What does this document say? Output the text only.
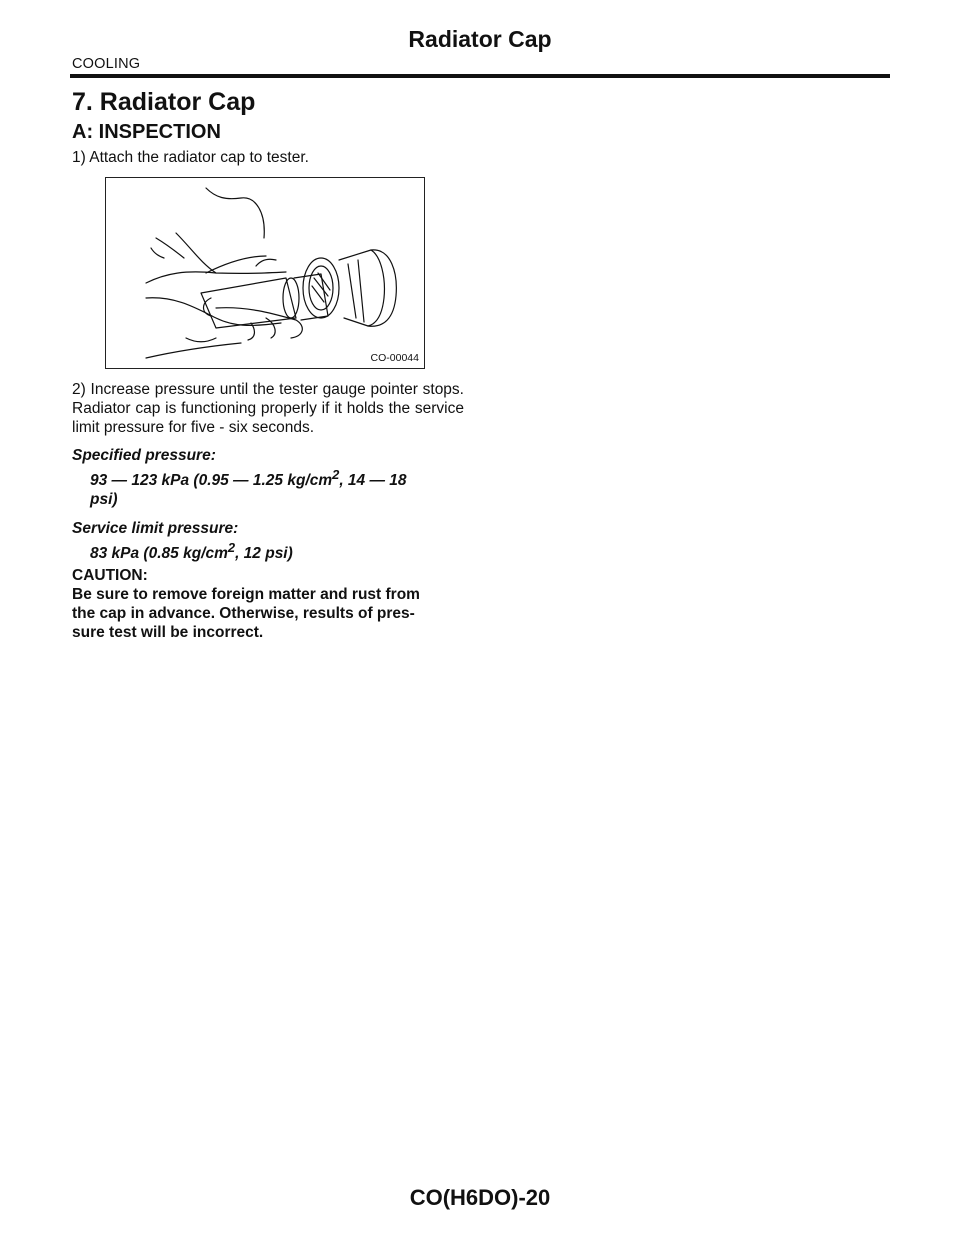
Radiator Cap
COOLING
7. Radiator Cap
A: INSPECTION

1) Attach the radiator cap to tester.

CO-00044

2) Increase pressure until the tester gauge pointer stops. Radiator cap is functioning properly if it holds the service limit pressure for five - six seconds.

Specified pressure:
93 — 123 kPa (0.95 — 1.25 $kg/cm^2$, 14 — 18
psi)
Service limit pressure:
83 kPa (0.85 $kg/cm^2$, 12 psi)
CAUTION:
Be sure to remove foreign matter and rust from
the cap in advance. Otherwise, results of pres-
sure test will be incorrect.
CO(H6DO)-20
